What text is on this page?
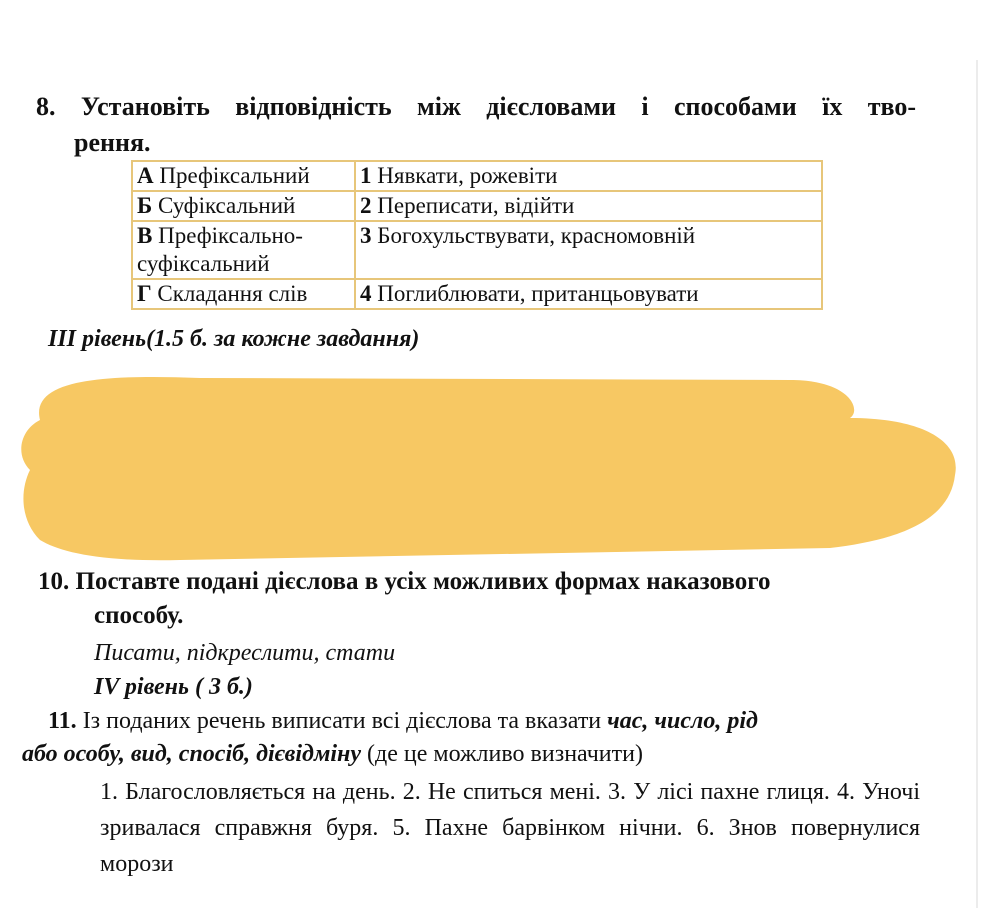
8. Установіть відповідність між дієсловами і способами їх тво-
рення.
А Префіксальний	1 Нявкати, рожевіти
Б Суфіксальний	2 Переписати, відійти
В Префіксально-суфіксальний	3 Богохульствувати, красномовній
Г Складання слів	4 Поглиблювати, пританцьовувати
ІІІ рівень(1.5 б. за кожне завдання)
10. Поставте подані дієслова в усіх можливих формах наказового
способу.
Писати, підкреслити, стати
ІV рівень ( 3 б.)
11. Із поданих речень виписати всі дієслова та вказати час, число, рід
або особу, вид, спосіб, дієвідміну (де це можливо визначити)
1. Благословляється на день. 2. Не спиться мені. 3. У лісі пахне глиця. 4. Уночі зривалася справжня буря. 5. Пахне барвінком нічни. 6. Знов повернулися морози
